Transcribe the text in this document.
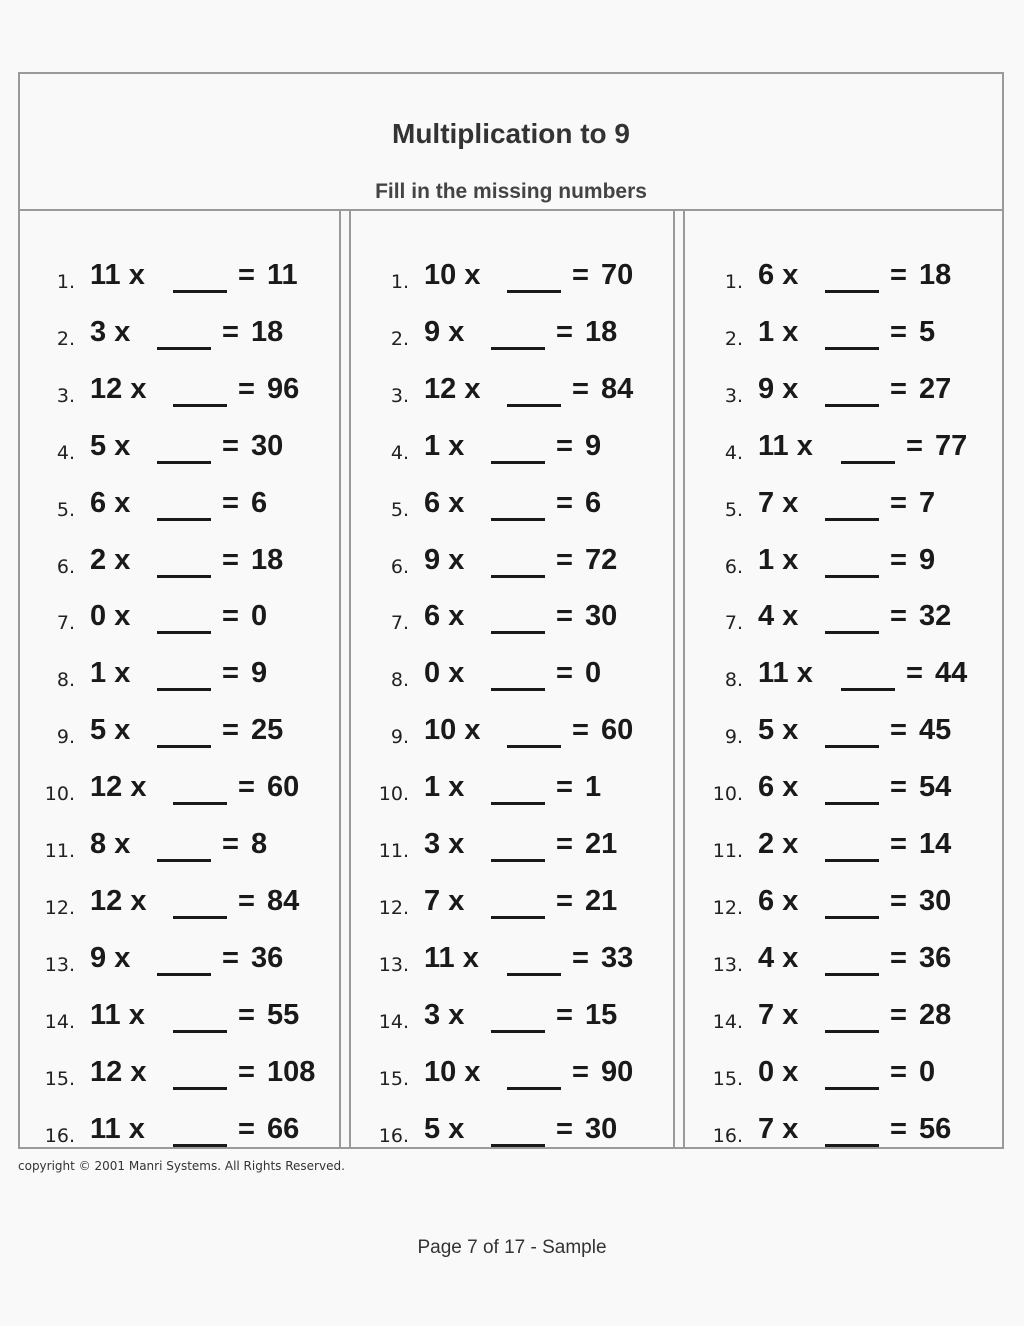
Multiplication to 9
Fill in the missing numbers
1. 11 x	= 11
2. 3 x	= 18
3. 12 x	= 96
4. 5 x	= 30
5. 6 x	= 6
6. 2 x	= 18
7. 0 x	= 0
8. 1 x	= 9
9. 5 x	= 25
10. 12 x	= 60
11. 8 x	= 8
12. 12 x	= 84
13. 9 x	= 36
14. 11 x	= 55
15. 12 x	= 108
16. 11 x	= 66
1. 10 x	= 70
2. 9 x	= 18
3. 12 x	= 84
4. 1 x	= 9
5. 6 x	= 6
6. 9 x	= 72
7. 6 x	= 30
8. 0 x	= 0
9. 10 x	= 60
10. 1 x	= 1
11. 3 x	= 21
12. 7 x	= 21
13. 11 x	= 33
14. 3 x	= 15
15. 10 x	= 90
16. 5 x	= 30
1. 6 x	= 18
2. 1 x	= 5
3. 9 x	= 27
4. 11 x	= 77
5. 7 x	= 7
6. 1 x	= 9
7. 4 x	= 32
8. 11 x	= 44
9. 5 x	= 45
10. 6 x	= 54
11. 2 x	= 14
12. 6 x	= 30
13. 4 x	= 36
14. 7 x	= 28
15. 0 x	= 0
16. 7 x	= 56
copyright © 2001 Manri Systems. All Rights Reserved.
Page 7 of 17 - Sample
